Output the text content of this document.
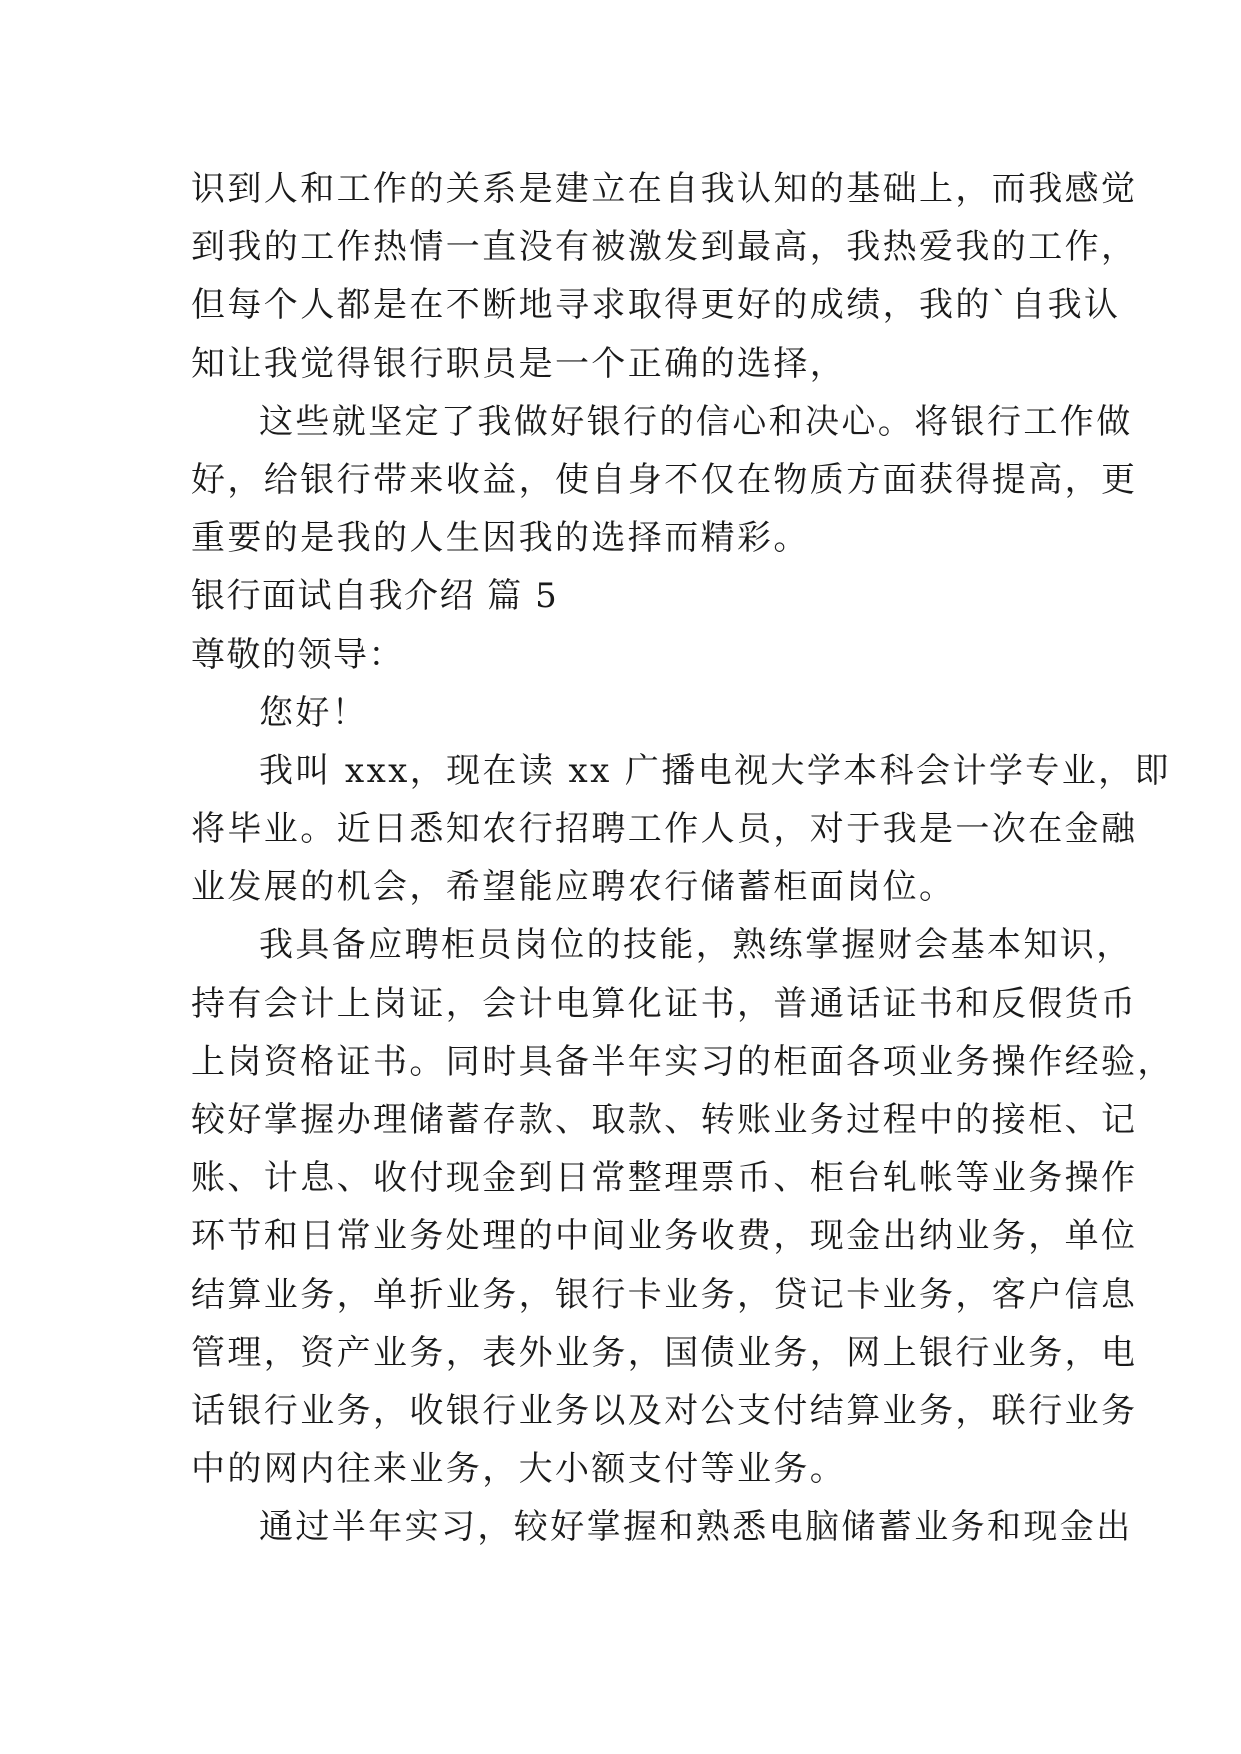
识到人和工作的关系是建立在自我认知的基础上，而我感觉
到我的工作热情一直没有被激发到最高，我热爱我的工作，
但每个人都是在不断地寻求取得更好的成绩，我的`自我认
知让我觉得银行职员是一个正确的选择，
这些就坚定了我做好银行的信心和决心。将银行工作做
好，给银行带来收益，使自身不仅在物质方面获得提高，更
重要的是我的人生因我的选择而精彩。
银行面试自我介绍 篇 5
尊敬的领导：
您好！
我叫 xxx，现在读 xx 广播电视大学本科会计学专业，即
将毕业。近日悉知农行招聘工作人员，对于我是一次在金融
业发展的机会，希望能应聘农行储蓄柜面岗位。
我具备应聘柜员岗位的技能，熟练掌握财会基本知识，
持有会计上岗证，会计电算化证书，普通话证书和反假货币
上岗资格证书。同时具备半年实习的柜面各项业务操作经验，
较好掌握办理储蓄存款、取款、转账业务过程中的接柜、记
账、计息、收付现金到日常整理票币、柜台轧帐等业务操作
环节和日常业务处理的中间业务收费，现金出纳业务，单位
结算业务，单折业务，银行卡业务，贷记卡业务，客户信息
管理，资产业务，表外业务，国债业务，网上银行业务，电
话银行业务，收银行业务以及对公支付结算业务，联行业务
中的网内往来业务，大小额支付等业务。
通过半年实习，较好掌握和熟悉电脑储蓄业务和现金出
